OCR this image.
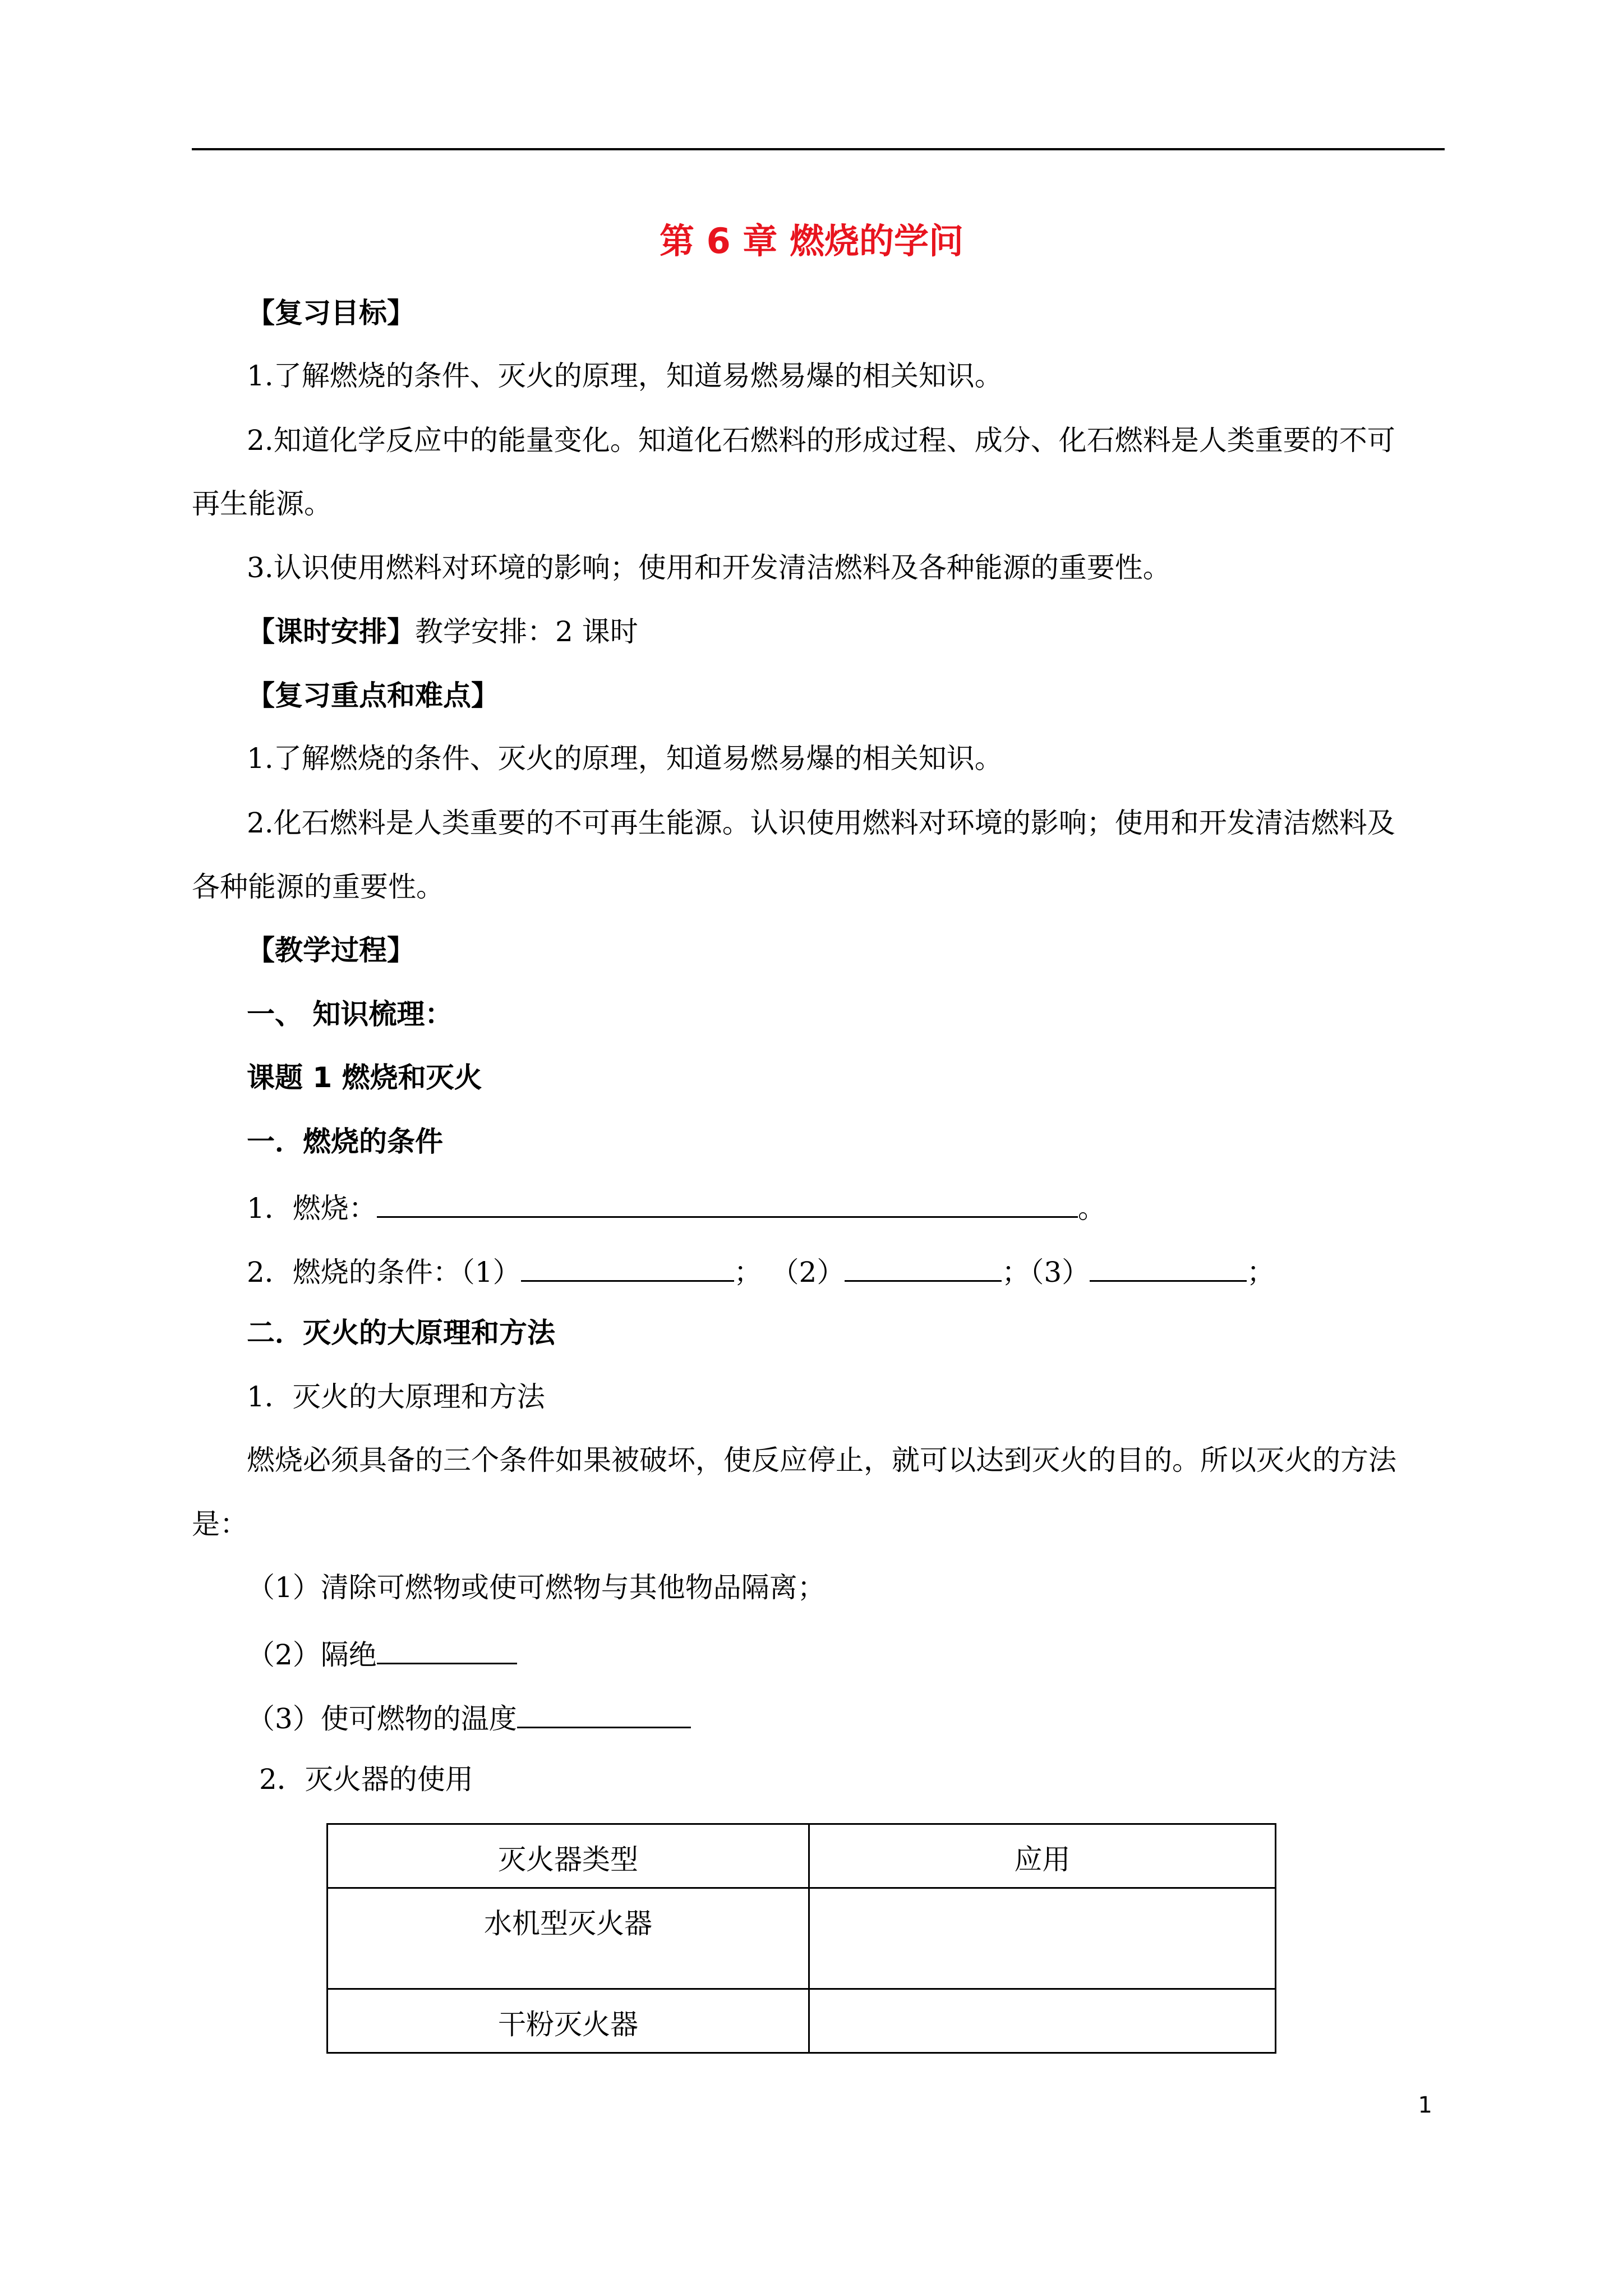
第 6 章 燃烧的学问
【复习目标】
1.了解燃烧的条件、灭火的原理，知道易燃易爆的相关知识。
2.知道化学反应中的能量变化。知道化石燃料的形成过程、成分、化石燃料是人类重要的不可
再生能源。
3.认识使用燃料对环境的影响；使用和开发清洁燃料及各种能源的重要性。
【课时安排】教学安排：2 课时
【复习重点和难点】
1.了解燃烧的条件、灭火的原理，知道易燃易爆的相关知识。
2.化石燃料是人类重要的不可再生能源。认识使用燃料对环境的影响；使用和开发清洁燃料及
各种能源的重要性。
【教学过程】
一、 知识梳理：
课题 1 燃烧和灭火
一．燃烧的条件
1．燃烧：	。
2．燃烧的条件：（1）	； （2）	；（3）	；
二．灭火的大原理和方法
1．灭火的大原理和方法
燃烧必须具备的三个条件如果被破坏，使反应停止，就可以达到灭火的目的。所以灭火的方法
是：
（1）清除可燃物或使可燃物与其他物品隔离；
（2）隔绝
（3）使可燃物的温度
2．灭火器的使用
灭火器类型	应用
水机型灭火器	
干粉灭火器	
1
